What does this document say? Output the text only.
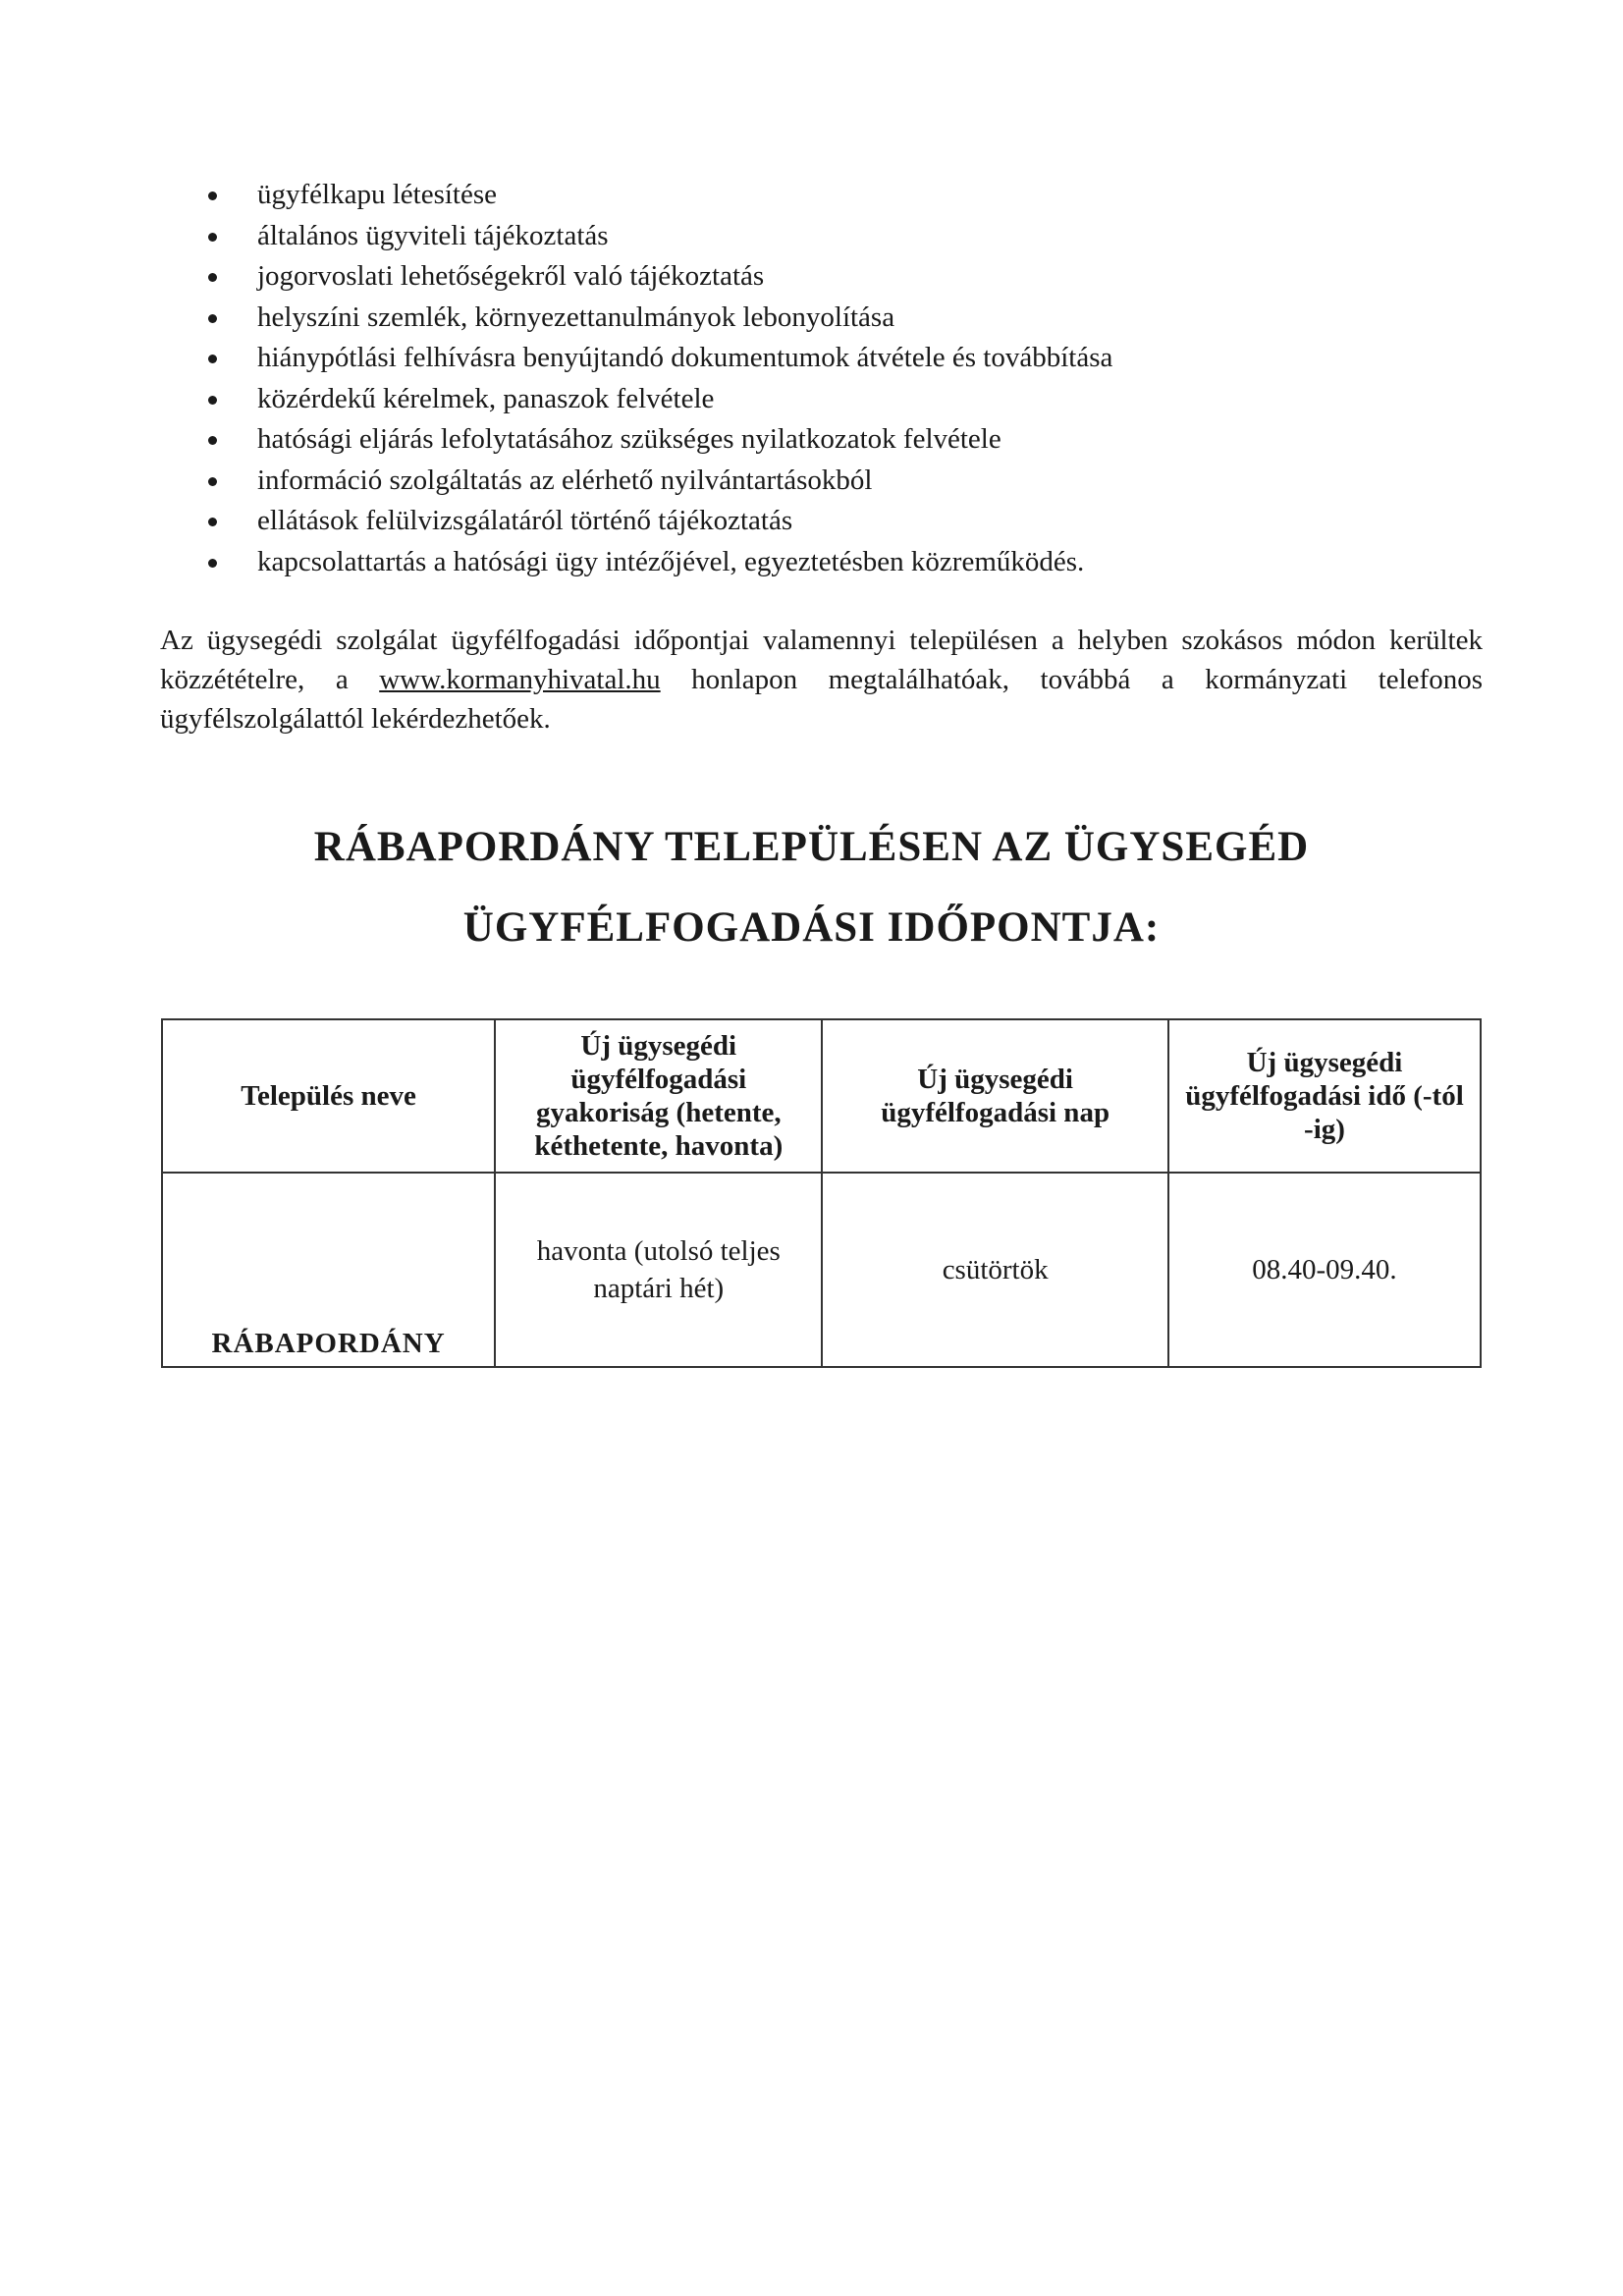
ügyfélkapu létesítése
általános ügyviteli tájékoztatás
jogorvoslati lehetőségekről való tájékoztatás
helyszíni szemlék, környezettanulmányok lebonyolítása
hiánypótlási felhívásra benyújtandó dokumentumok átvétele és továbbítása
közérdekű kérelmek, panaszok felvétele
hatósági eljárás lefolytatásához szükséges nyilatkozatok felvétele
információ szolgáltatás az elérhető nyilvántartásokból
ellátások felülvizsgálatáról történő tájékoztatás
kapcsolattartás a hatósági ügy intézőjével, egyeztetésben közreműködés.

Az ügysegédi szolgálat ügyfélfogadási időpontjai valamennyi településen a helyben szokásos módon kerültek közzétételre, a www.kormanyhivatal.hu honlapon megtalálhatóak, továbbá a kormányzati telefonos ügyfélszolgálattól lekérdezhetőek.

RÁBAPORDÁNY TELEPÜLÉSEN AZ ÜGYSEGÉD
ÜGYFÉLFOGADÁSI IDŐPONTJA:
Település neve	Új ügysegédi ügyfélfogadási gyakoriság (hetente, kéthetente, havonta)	Új ügysegédi ügyfélfogadási nap	Új ügysegédi ügyfélfogadási idő (-tól -ig)
RÁBAPORDÁNY	havonta (utolsó teljes naptári hét)	csütörtök	08.40-09.40.
